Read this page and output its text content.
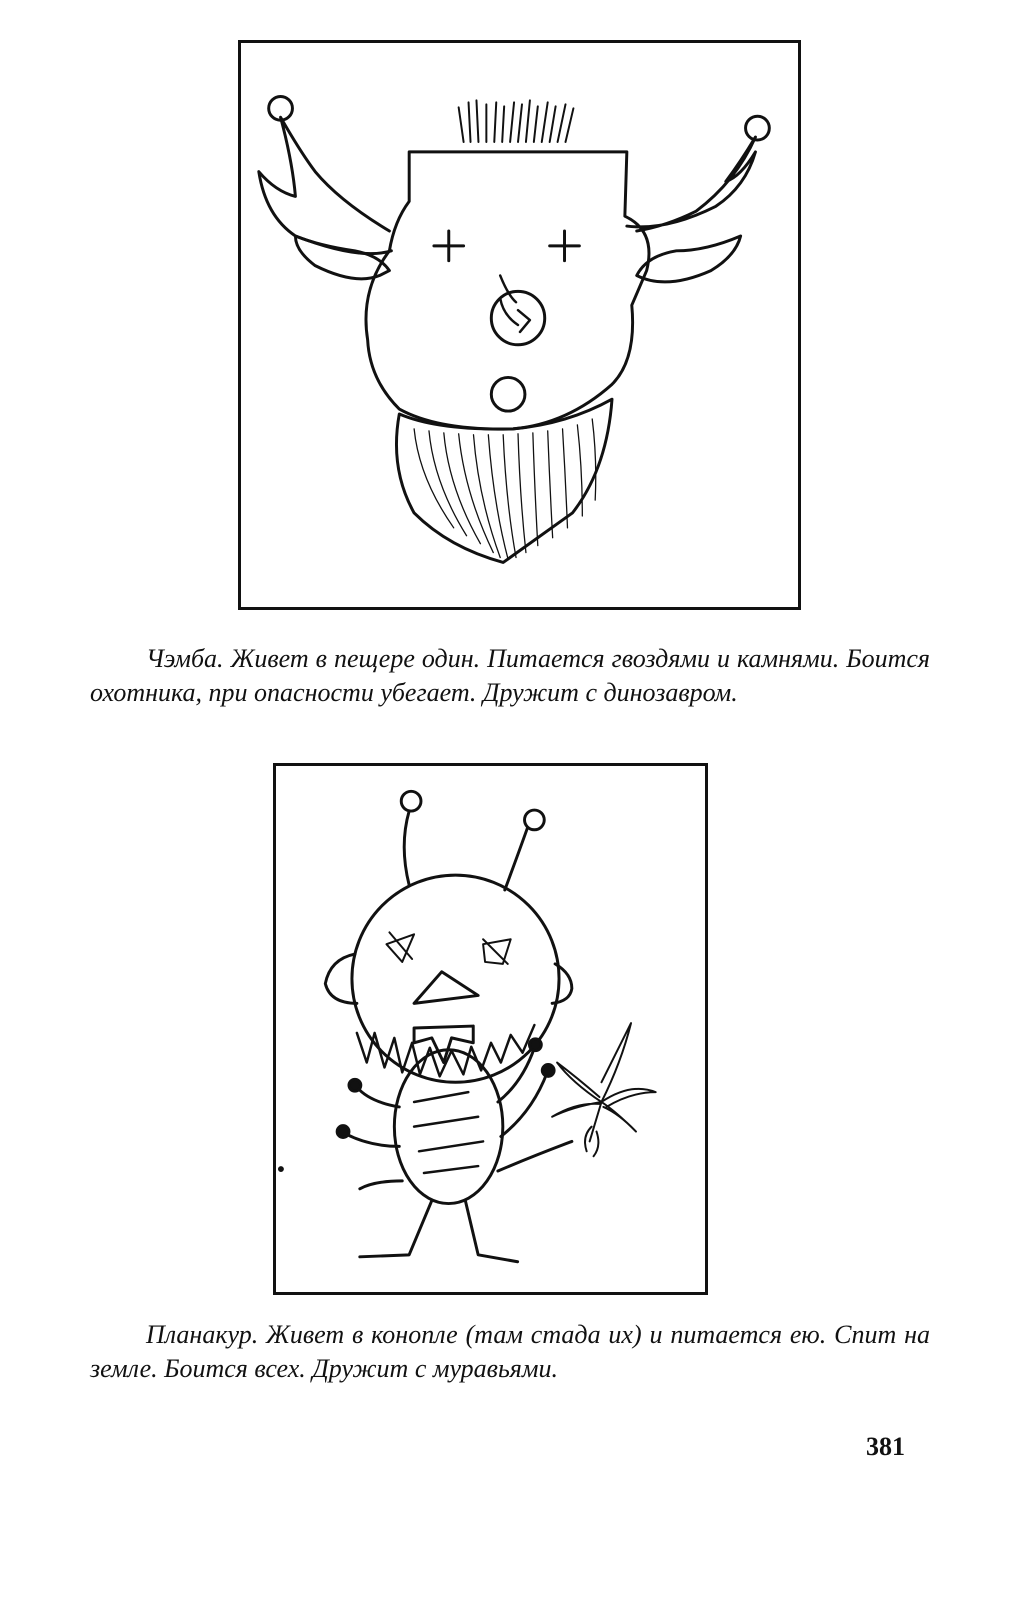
Чэмба. Живет в пещере один. Питается гвоздями и камнями. Боится охотника, при опасности убегает. Дружит с динозавром.

Планакур. Живет в конопле (там стада их) и питается ею. Спит на земле. Боится всех. Дружит с муравьями.

381
